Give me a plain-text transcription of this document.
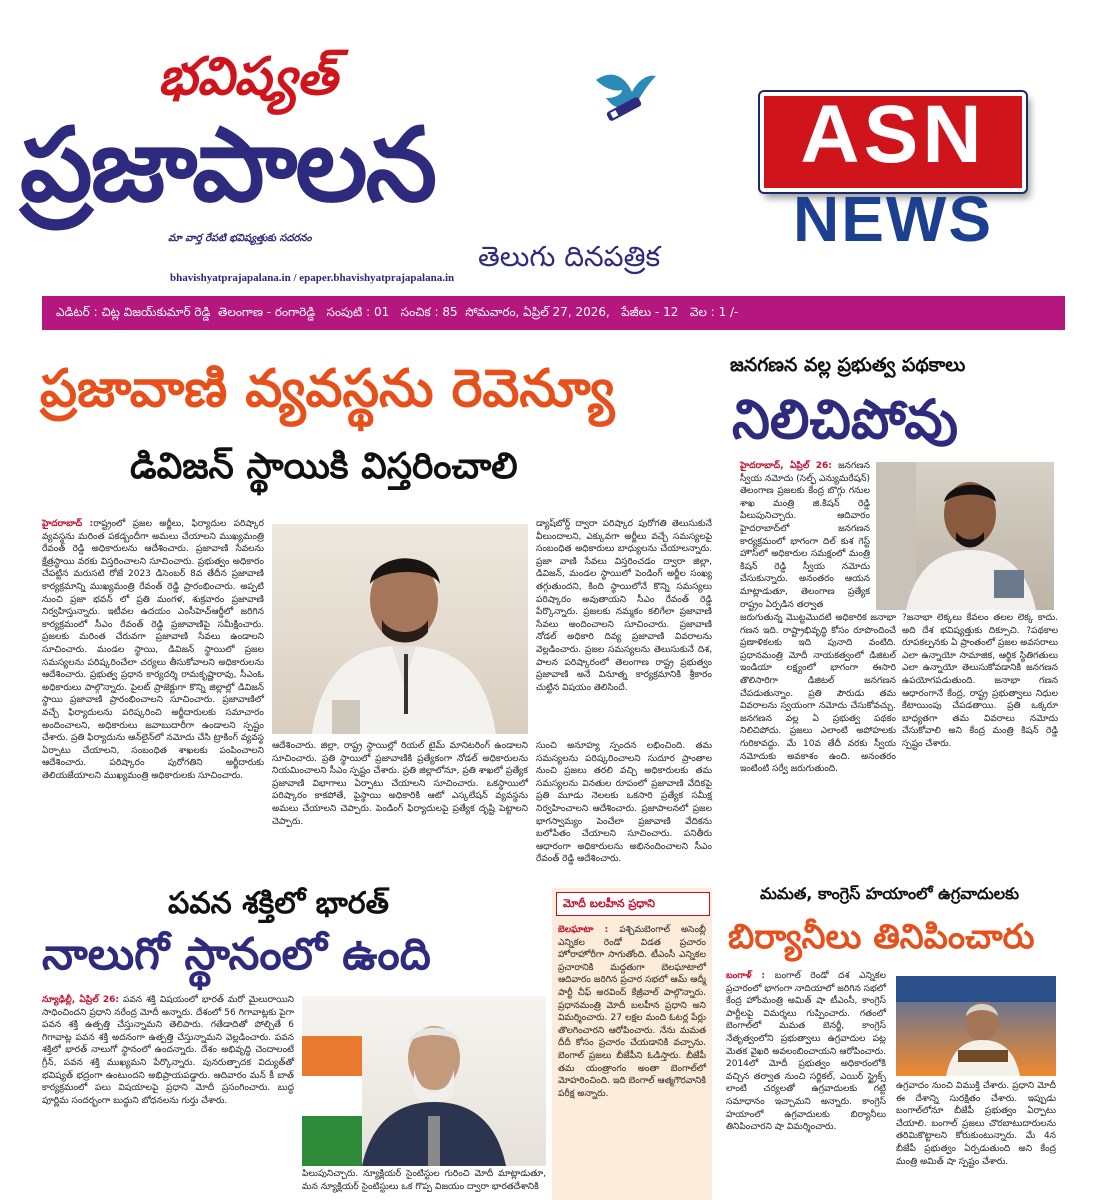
భవిష్యత్
ప్రజాపాలన
మా వార్త రేపటి భవిష్యత్తుకు సదరనం
bhavishyatprajapalana.in / epaper.bhavishyatprajapalana.in
తెలుగు దినపత్రిక
ASN
NEWS
ఎడిటర్ : చిట్ల విజయ్‌కుమార్ రెడ్డి  తెలంగాణ - రంగారెడ్డి   సంపుటి : 01   సంచిక : 85  సోమవారం, ఏప్రిల్ 27, 2026,   పేజీలు - 12   వెల : 1 /-
ప్రజావాణి వ్యవస్థను రెవెన్యూ
డివిజన్ స్థాయికి విస్తరించాలి
హైదరాబాద్ :రాష్ట్రంలో ప్రజల అర్జీలు, ఫిర్యాదుల పరిష్కార వ్యవస్థను మరింత పకడ్బందీగా అమలు చేయాలని ముఖ్యమంత్రి రేవంత్ రెడ్డి అధికారులను ఆదేశించారు. ప్రజావాణి సేవలను క్షేత్రస్థాయి వరకు విస్తరించాలని సూచించారు. ప్రభుత్వం అధికారం చేపట్టిన మరుసటి రోజే 2023 డిసెంబర్ 8వ తేదీన ప్రజావాణి కార్యక్రమాన్ని ముఖ్యమంత్రి రేవంత్ రెడ్డి ప్రారంభించారు. అప్పటి నుంచి ప్రజా భవన్ లో ప్రతి మంగళ, శుక్రవారం ప్రజావాణి నిర్వహిస్తున్నారు. ఇటీవల ఉదయం ఎంసీహెచ్ఆర్డీలో జరిగిన కార్యక్రమంలో సీఎం రేవంత్ రెడ్డి ప్రజావాణిపై సమీక్షించారు. ప్రజలకు మరింత చేరువగా ప్రజావాణి సేవలు ఉండాలని సూచించారు. మండల స్థాయి, డివిజన్ స్థాయిలో ప్రజల సమస్యలను పరిష్కరించేలా చర్యలు తీసుకోవాలని అధికారులను ఆదేశించారు. ప్రభుత్వ ప్రధాన కార్యదర్శి రామకృష్ణారావు, సీఎంఓ అధికారులు పాల్గొన్నారు. పైలట్ ప్రాజెక్టుగా కొన్ని జిల్లాల్లో డివిజన్ స్థాయి ప్రజావాణి ప్రారంభించాలని సూచించారు. ప్రజావాణిలో వచ్చే ఫిర్యాదులను పరిష్కరించి అర్జీదారులకు సమాచారం అందించాలని, అధికారులు జవాబుదారీగా ఉండాలని స్పష్టం చేశారు. ప్రతి ఫిర్యాదును ఆన్‌లైన్‌లో నమోదు చేసి ట్రాకింగ్ వ్యవస్థ ఏర్పాటు చేయాలని, సంబంధిత శాఖలకు పంపించాలని ఆదేశించారు. పరిష్కారం పురోగతిని అర్జీదారుకు తెలియజేయాలని ముఖ్యమంత్రి అధికారులకు సూచించారు.
డ్యాష్‌బోర్డ్ ద్వారా పరిష్కార పురోగతి తెలుసుకునే వీలుందాలని, ఎక్కువగా అర్జీలు వచ్చే సమస్యలపై సంబంధిత అధికారులు బాధ్యులను చేయాలన్నారు. ప్రజా వాణి సేవలు విస్తరించడం ద్వారా జిల్లా, డివిజన్, మండల స్థాయిలో పెండింగ్ అర్జీల సంఖ్య తగ్గుతుందని, కింది స్థాయిలోనే కొన్ని సమస్యలు పరిష్కారం అవుతాయని సీఎం రేవంత్ రెడ్డి పేర్కొన్నారు. ప్రజలకు నమ్మకం కలిగేలా ప్రజావాణి సేవలు అందించాలని సూచించారు. ప్రజావాణి నోడల్ అధికారి దివ్య ప్రజావాణి వివరాలను వెల్లడించారు. ప్రజల సమస్యలను తెలుసుకునే దిశ, పాలన పరిష్కారంలో తెలంగాణ రాష్ట్ర ప్రభుత్వం ప్రజావాణి అనే వినూత్న కార్యక్రమానికి శ్రీకారం చుట్టిన విషయం తెలిసిందే.
ఆదేశించారు. జిల్లా, రాష్ట్ర స్థాయిల్లో రియల్ టైమ్ మానిటరింగ్ ఉండాలని సూచించారు. ప్రతి స్థాయిలో ప్రజావాణికి ప్రత్యేకంగా నోడల్ అధికారులను నియమించాలని సీఎం స్పష్టం చేశారు. ప్రతి జిల్లాలోనూ, ప్రతి శాఖలో ప్రత్యేక ప్రజావాణి విభాగాలు ఏర్పాటు చేయాలని సూచించారు. ఒకస్థాయిలో పరిష్కారం కాకపోతే, పైస్థాయి అధికారికి ఆటో ఎస్కలేషన్ వ్యవస్థను అమలు చేయాలని చెప్పారు. పెండింగ్ ఫిర్యాదులపై ప్రత్యేక దృష్టి పెట్టాలని చెప్పారు.
సుంచి అనూహ్య స్పందన లభించింది. తమ సమస్యలను పరిష్కరించాలని సుదూర ప్రాంతాల నుంచి ప్రజలు తరలి వచ్చి అధికారులకు తమ సమస్యలను వినతుల రూపంలో ప్రజావాణి వేదికపై ప్రతి మూడు నెలలకు ఒకసారి ప్రత్యేక సమీక్ష నిర్వహించాలని ఆదేశించారు. ప్రజాపాలనలో ప్రజల భాగస్వామ్యం పెంచేలా ప్రజావాణి వేదికను బలోపేతం చేయాలని సూచించారు. పనితీరు ఆధారంగా అధికారులను అభినందించాలని సీఎం రేవంత్ రెడ్డి ఆదేశించారు.
జనగణన వల్ల ప్రభుత్వ పథకాలు
నిలిచిపోవు
హైదరాబాద్, ఏప్రిల్ 26: జనగణన స్వీయ నమోదు (సెల్ఫ్ ఎన్యుమరేషన్) తెలంగాణ ప్రజలకు కేంద్ర బొగ్గు గనుల శాఖ మంత్రి జి.కిషన్ రెడ్డి పిలుపునిచ్చారు. ఆదివారం హైదరాబాద్‌లో జనగణన కార్యక్రమంలో భాగంగా దిల్ కుశ గెస్ట్ హౌస్‌లో అధికారుల సమక్షంలో మంత్రి కిషన్ రెడ్డి స్వీయ నమోదు చేసుకున్నారు. అనంతరం ఆయన మాట్లాడుతూ, తెలంగాణ ప్రత్యేక రాష్ట్రం ఏర్పడిన తర్వాత
జరుగుతున్న మొట్టమొదటి అధికారిక జనాభా గణన ఇది. రాష్ట్రాభివృద్ధి కోసం రూపొందించే ప్రణాళికలకు ఇది పునాది వంటిది. ప్రధానమంత్రి మోదీ నాయకత్వంలో డిజిటల్ ఇండియా లక్ష్యంలో భాగంగా ఈసారి తొలిసారిగా డిజిటల్ జనగణన చేపడుతున్నాం. ప్రతి పౌరుడు తమ వివరాలను స్వయంగా నమోదు చేసుకోవచ్చు. జనగణన వల్ల ఏ ప్రభుత్వ పథకం నిలిచిపోదు. ప్రజలు ఎలాంటి అపోహలకు గురికావద్దు. మే 10వ తేదీ వరకు స్వీయ నమోదుకు అవకాశం ఉంది. అనంతరం ఇంటింటి సర్వే జరుగుతుంది.
?జనాభా లెక్కలు కేవలం తలల లెక్క కాదు. అది దేశ భవిష్యత్తుకు దిక్సూచి. ?పథకాల రూపకల్పనకు ఏ ప్రాంతంలో ప్రజల అవసరాలు ఎలా ఉన్నాయో సామాజిక, ఆర్థిక స్థితిగతులు ఎలా ఉన్నాయో తెలుసుకోవడానికి జనగణన ఉపయోగపడుతుంది. జనాభా గణన ఆధారంగానే కేంద్ర, రాష్ట్ర ప్రభుత్వాలు నిధుల కేటాయింపు చేపడతాయి. ప్రతి ఒక్కరూ బాధ్యతగా తమ వివరాలు నమోదు చేసుకోవాలి అని కేంద్ర మంత్రి కిషన్ రెడ్డి స్పష్టం చేశారు.
పవన శక్తిలో భారత్
నాలుగో స్థానంలో ఉంది
న్యూఢిల్లీ, ఏప్రిల్ 26: పవన శక్తి విషయంలో భారత్ మరో మైలురాయిని సాధించిందని ప్రధాని నరేంద్ర మోదీ అన్నారు. దేశంలో 56 గిగావాట్లకు పైగా పవన శక్తి ఉత్పత్తి చేస్తున్నామని తెలిపారు. గతేడాదితో పోల్చితే 6 గిగావాట్ల పవన శక్తి అదనంగా ఉత్పత్తి చేస్తున్నామని వెల్లడించారు. పవన శక్తిలో భారత్ నాలుగో స్థానంలో ఉందన్నారు. దేశం అభివృద్ధి చెందాలంటే గ్రీన్, పవన శక్తి ముఖ్యమని పేర్కొన్నారు. పునరుత్పాదక విద్యుత్‌తో భవిష్యత్ భద్రంగా ఉంటుందని అభిప్రాయపడ్డారు. ఆదివారం మన్ కీ బాత్ కార్యక్రమంలో పలు విషయాలపై ప్రధాని మోదీ ప్రసంగించారు. బుద్ధ పూర్ణిమ సందర్భంగా బుద్ధుని బోధనలను గుర్తు చేశారు.
పిలుపునిచ్చారు. న్యూక్లియర్ సైంటిస్టుల గురించి మోదీ మాట్లాడుతూ, మన న్యూక్లియర్ సైంటిస్టులు ఒక గొప్ప విజయం ద్వారా భారతదేశానికి
మోదీ బలహీన ప్రధాని
బెలఘాటా : పశ్చిమబెంగాల్ అసెంబ్లీ ఎన్నికల రెండో విడత ప్రచారం హోరాహోరీగా సాగుతోంది. టీఎంసీ ఎన్నికల ప్రచారానికి మద్దతుగా బెలఘాటాలో ఆదివారం జరిగిన ప్రచార సభలో ఆమ్ ఆద్మీ పార్టీ చీఫ్ అరవింద్ కేజ్రీవాల్ పాల్గొన్నారు. ప్రధానమంత్రి మోదీ బలహీన ప్రధాని అని విమర్శించారు. 27 లక్షల మంది ఓటర్ల పేర్లు తొలగించారని ఆరోపించారు. నేను మమత దీదీ కోసం ప్రచారం చేయడానికి వచ్చాను. బెంగాల్ ప్రజలు బీజేపీని ఓడిస్తారు. బీజేపీ తమ యంత్రాంగం అంతా బెంగాల్‌లో మోహరించింది. ఇది బెంగాల్ ఆత్మగౌరవానికి పరీక్ష అన్నారు.
మమత, కాంగ్రెస్ హయాంలో ఉగ్రవాదులకు
బిర్యానీలు తినిపించారు
బంగాళ్ : బంగాల్ రెండో దశ ఎన్నికల ప్రచారంలో భాగంగా నాదియాలో జరిగిన సభలో కేంద్ర హోంమంత్రి అమిత్ షా టీఎంసీ, కాంగ్రెస్ పార్టీలపై విమర్శలు గుప్పించారు. గతంలో బెంగాల్‌లో మమత బెనర్జీ, కాంగ్రెస్ నేతృత్వంలోని ప్రభుత్వాలు ఉగ్రవాదుల పట్ల మెతక వైఖరి అవలంబించాయని ఆరోపించారు. 2014లో మోదీ ప్రభుత్వం అధికారంలోకి వచ్చిన తర్వాత నుంచి సర్జికల్, ఎయిర్ స్ట్రైక్స్ లాంటి చర్యలతో ఉగ్రవాదులకు గట్టి సమాధానం ఇచ్చామని అన్నారు. కాంగ్రెస్ హయాంలో ఉగ్రవాదులకు బిర్యానీలు తినిపించారని షా విమర్శించారు.
ఉగ్రవాదం నుంచి విముక్తి చేశారు. ప్రధాని మోదీ ఈ దేశాన్ని సురక్షితం చేశారు. ఇప్పుడు బంగాల్‌లోనూ బీజేపీ ప్రభుత్వం ఏర్పాటు చేయాలి. బంగాల్ ప్రజలు చొరబాటుదారులను తరిమికొట్టాలని కోరుకుంటున్నారు. మే 4న బీజేపీ ప్రభుత్వం ఏర్పడుతుంది అని కేంద్ర మంత్రి అమిత్ షా స్పష్టం చేశారు.
